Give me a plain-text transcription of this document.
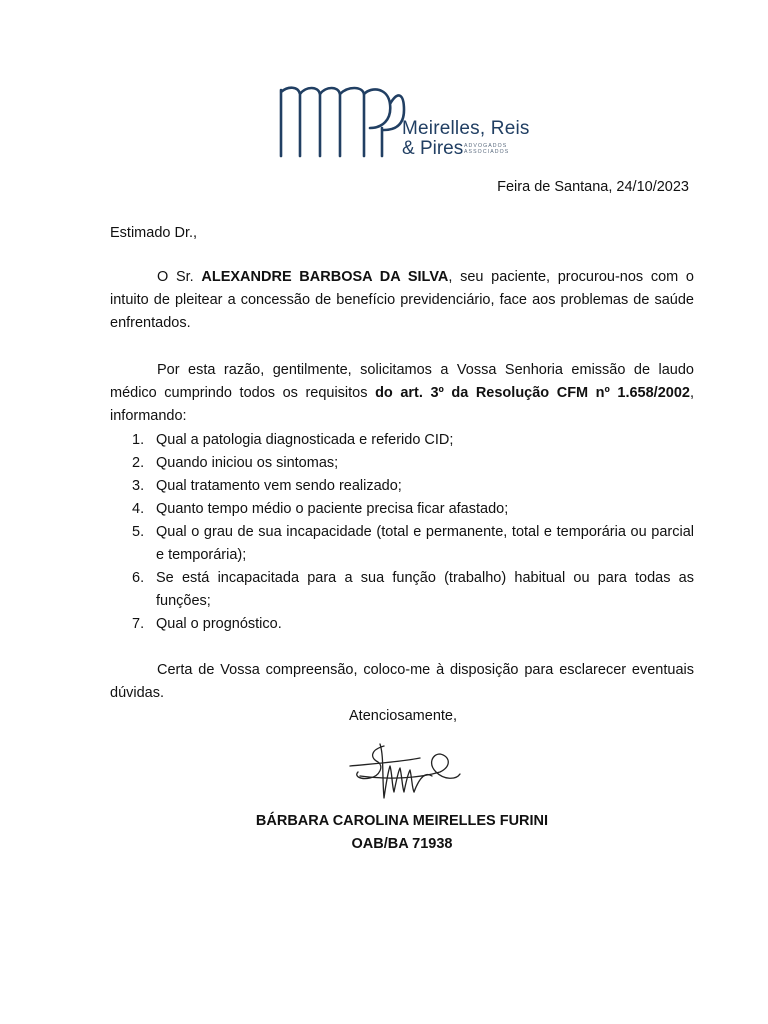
Meirelles, Reis
& Pires ADVOGADOS
ASSOCIADOS
Feira de Santana, 24/10/2023
Estimado Dr.,
O Sr. ALEXANDRE BARBOSA DA SILVA, seu paciente, procurou-nos com o intuito de pleitear a concessão de benefício previdenciário, face aos problemas de saúde enfrentados.
Por esta razão, gentilmente, solicitamos a Vossa Senhoria emissão de laudo médico cumprindo todos os requisitos do art. 3º da Resolução CFM nº 1.658/2002, informando:
1. Qual a patologia diagnosticada e referido CID;
2. Quando iniciou os sintomas;
3. Qual tratamento vem sendo realizado;
4. Quanto tempo médio o paciente precisa ficar afastado;
5. Qual o grau de sua incapacidade (total e permanente, total e temporária ou parcial e temporária);
6. Se está incapacitada para a sua função (trabalho) habitual ou para todas as funções;
7. Qual o prognóstico.
Certa de Vossa compreensão, coloco-me à disposição para esclarecer eventuais dúvidas.
Atenciosamente,
BÁRBARA CAROLINA MEIRELLES FURINI
OAB/BA 71938
